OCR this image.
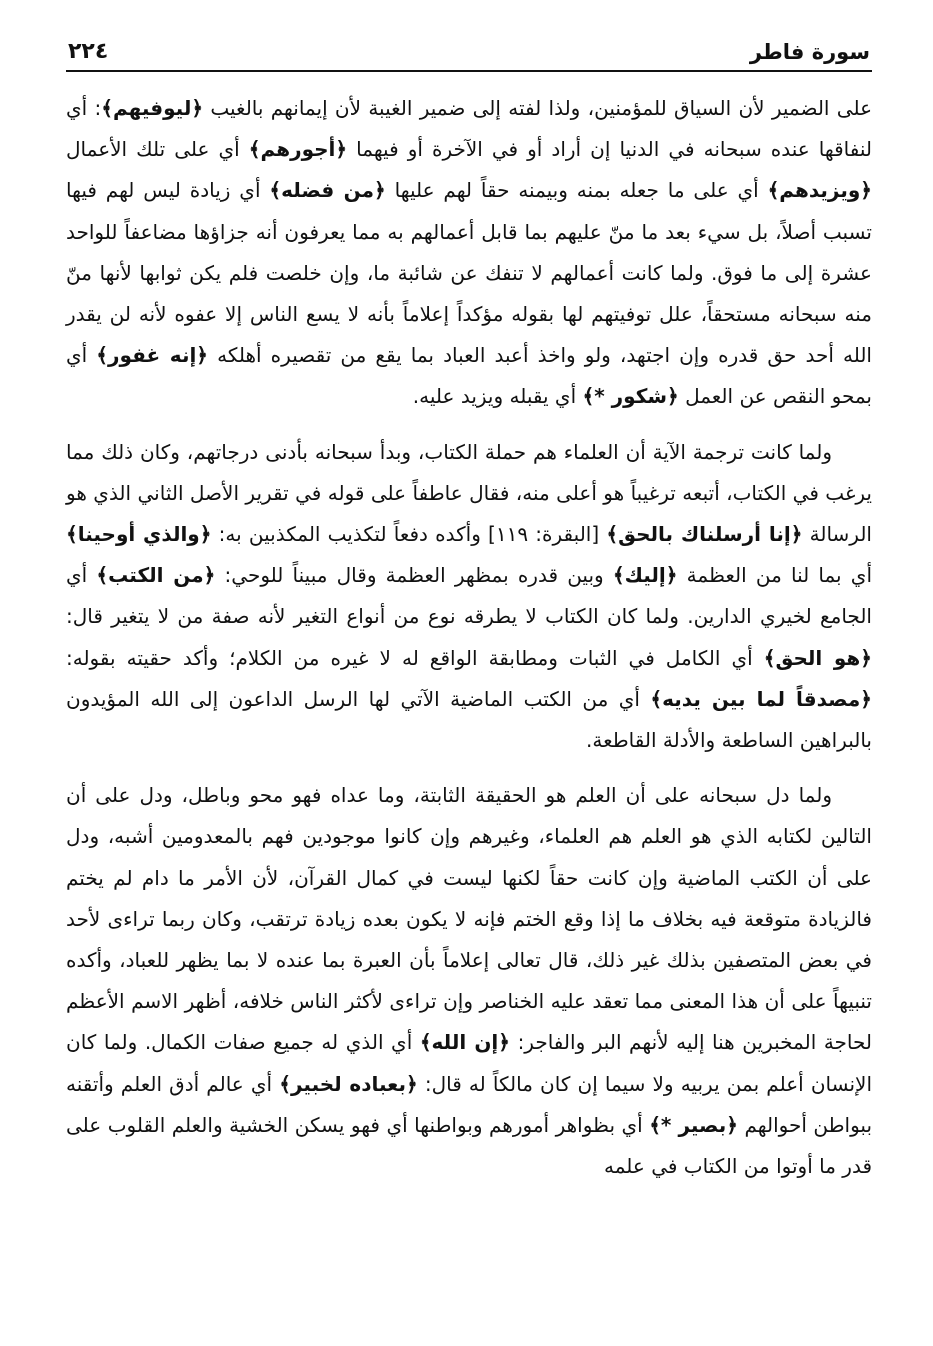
٢٢٤	سورة فاطر

على الضمير لأن السياق للمؤمنين، ولذا لفته إلى ضمير الغيبة لأن إيمانهم بالغيب ﴿ليوفيهم﴾: أي لنفاقها عنده سبحانه في الدنيا إن أراد أو في الآخرة أو فيهما ﴿أجورهم﴾ أي على تلك الأعمال ﴿ويزيدهم﴾ أي على ما جعله بمنه وبيمنه حقاً لهم عليها ﴿من فضله﴾ أي زيادة ليس لهم فيها تسبب أصلاً، بل سيء بعد ما منّ عليهم بما قابل أعمالهم به مما يعرفون أنه جزاؤها مضاعفاً للواحد عشرة إلى ما فوق. ولما كانت أعمالهم لا تنفك عن شائبة ما، وإن خلصت فلم يكن ثوابها لأنها منّ منه سبحانه مستحقاً، علل توفيتهم لها بقوله مؤكداً إعلاماً بأنه لا يسع الناس إلا عفوه لأنه لن يقدر الله أحد حق قدره وإن اجتهد، ولو واخذ أعبد العباد بما يقع من تقصيره أهلكه ﴿إنه غفور﴾ أي بمحو النقص عن العمل ﴿شكور *﴾ أي يقبله ويزيد عليه.

ولما كانت ترجمة الآية أن العلماء هم حملة الكتاب، وبدأ سبحانه بأدنى درجاتهم، وكان ذلك مما يرغب في الكتاب، أتبعه ترغيباً هو أعلى منه، فقال عاطفاً على قوله في تقرير الأصل الثاني الذي هو الرسالة ﴿إنا أرسلناك بالحق﴾ [البقرة: ١١٩] وأكده دفعاً لتكذيب المكذبين به: ﴿والذي أوحينا﴾ أي بما لنا من العظمة ﴿إليك﴾ وبين قدره بمظهر العظمة وقال مبيناً للوحي: ﴿من الكتب﴾ أي الجامع لخيري الدارين. ولما كان الكتاب لا يطرقه نوع من أنواع التغير لأنه صفة من لا يتغير قال: ﴿هو الحق﴾ أي الكامل في الثبات ومطابقة الواقع له لا غيره من الكلام؛ وأكد حقيته بقوله: ﴿مصدقاً لما بين يديه﴾ أي من الكتب الماضية الآتي لها الرسل الداعون إلى الله المؤيدون بالبراهين الساطعة والأدلة القاطعة.

ولما دل سبحانه على أن العلم هو الحقيقة الثابتة، وما عداه فهو محو وباطل، ودل على أن التالين لكتابه الذي هو العلم هم العلماء، وغيرهم وإن كانوا موجودين فهم بالمعدومين أشبه، ودل على أن الكتب الماضية وإن كانت حقاً لكنها ليست في كمال القرآن، لأن الأمر ما دام لم يختم فالزيادة متوقعة فيه بخلاف ما إذا وقع الختم فإنه لا يكون بعده زيادة ترتقب، وكان ربما تراءى لأحد في بعض المتصفين بذلك غير ذلك، قال تعالى إعلاماً بأن العبرة بما عنده لا بما يظهر للعباد، وأكده تنبيهاً على أن هذا المعنى مما تعقد عليه الخناصر وإن تراءى لأكثر الناس خلافه، أظهر الاسم الأعظم لحاجة المخبرين هنا إليه لأنهم البر والفاجر: ﴿إن الله﴾ أي الذي له جميع صفات الكمال. ولما كان الإنسان أعلم بمن يربيه ولا سيما إن كان مالكاً له قال: ﴿بعباده لخبير﴾ أي عالم أدق العلم وأتقنه ببواطن أحوالهم ﴿بصير *﴾ أي بظواهر أمورهم وبواطنها أي فهو يسكن الخشية والعلم القلوب على قدر ما أوتوا من الكتاب في علمه
